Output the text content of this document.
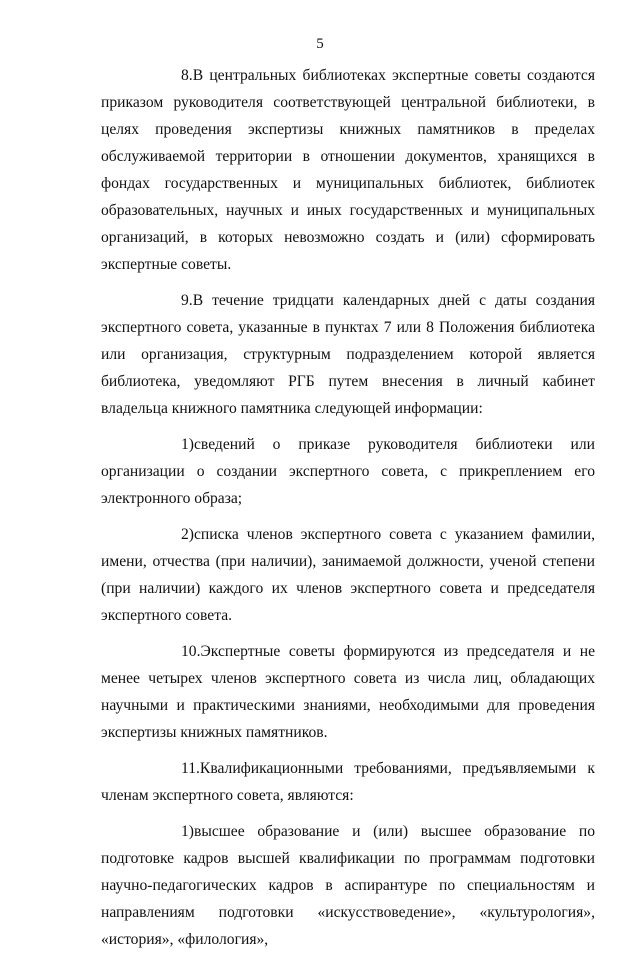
5

8.В центральных библиотеках экспертные советы создаются приказом руководителя соответствующей центральной библиотеки, в целях проведения экспертизы книжных памятников в пределах обслуживаемой территории в отношении документов, хранящихся в фондах государственных и муниципальных библиотек, библиотек образовательных, научных и иных государственных и муниципальных организаций, в которых невозможно создать и (или) сформировать экспертные советы.

9.В течение тридцати календарных дней с даты создания экспертного совета, указанные в пунктах 7 или 8 Положения библиотека или организация, структурным подразделением которой является библиотека, уведомляют РГБ путем внесения в личный кабинет владельца книжного памятника следующей информации:

1)сведений о приказе руководителя библиотеки или организации о создании экспертного совета, с прикреплением его электронного образа;

2)списка членов экспертного совета с указанием фамилии, имени, отчества (при наличии), занимаемой должности, ученой степени (при наличии) каждого их членов экспертного совета и председателя экспертного совета.

10.Экспертные советы формируются из председателя и не менее четырех членов экспертного совета из числа лиц, обладающих научными и практическими знаниями, необходимыми для проведения экспертизы книжных памятников.

11.Квалификационными требованиями, предъявляемыми к членам экспертного совета, являются:

1)высшее образование и (или) высшее образование по подготовке кадров высшей квалификации по программам подготовки научно-педагогических кадров в аспирантуре по специальностям и направлениям подготовки «искусствоведение», «культурология», «история», «филология»,
